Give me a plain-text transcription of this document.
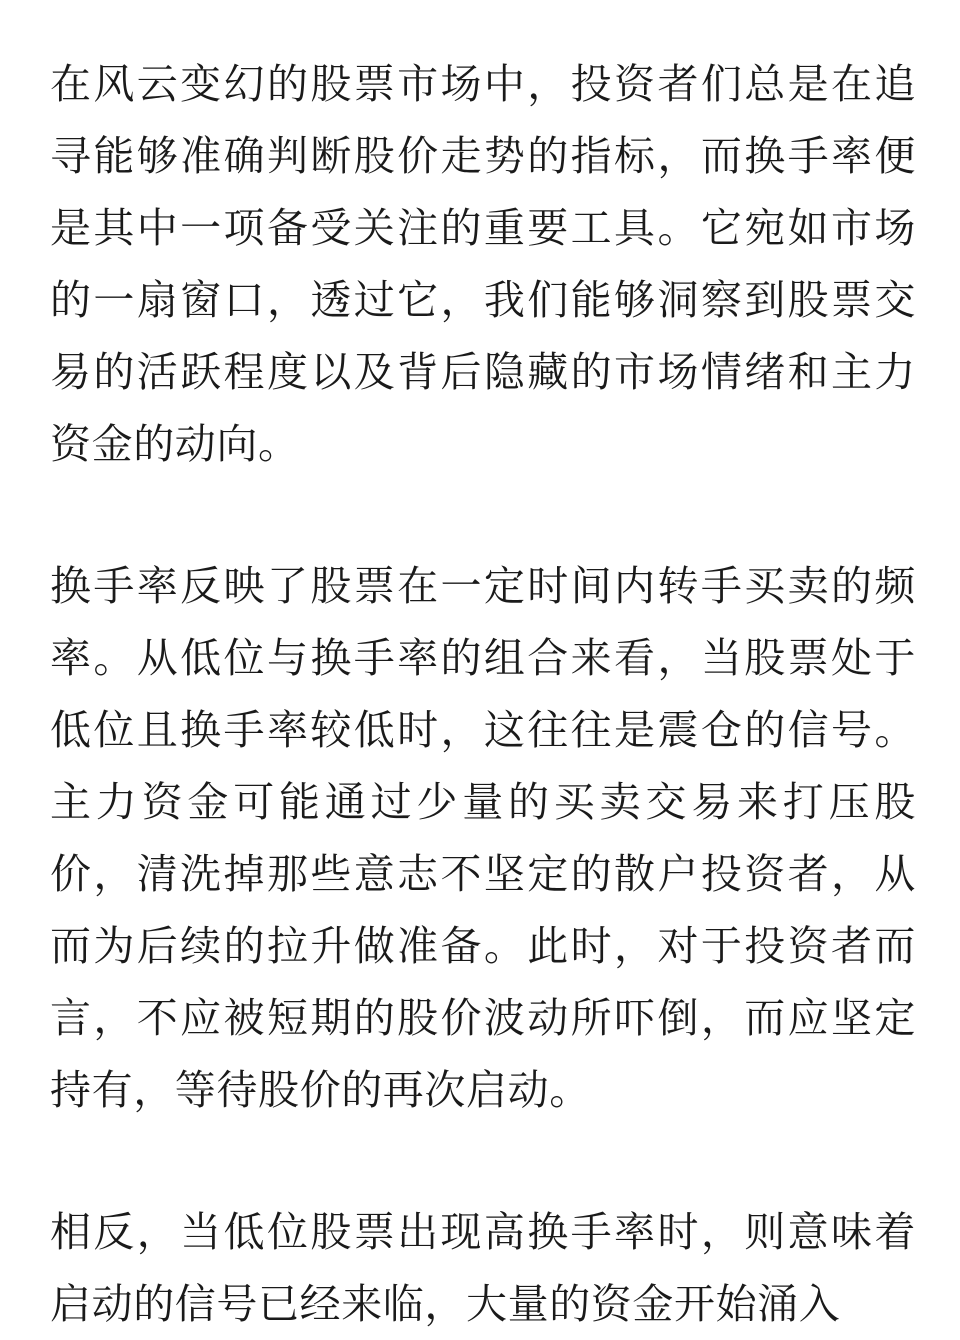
在风云变幻的股票市场中，投资者们总是在追寻能够准确判断股价走势的指标，而换手率便是其中一项备受关注的重要工具。它宛如市场的一扇窗口，透过它，我们能够洞察到股票交易的活跃程度以及背后隐藏的市场情绪和主力资金的动向。

换手率反映了股票在一定时间内转手买卖的频率。从低位与换手率的组合来看，当股票处于低位且换手率较低时，这往往是震仓的信号。主力资金可能通过少量的买卖交易来打压股价，清洗掉那些意志不坚定的散户投资者，从而为后续的拉升做准备。此时，对于投资者而言，不应被短期的股价波动所吓倒，而应坚定持有，等待股价的再次启动。

相反，当低位股票出现高换手率时，则意味着启动的信号已经来临，大量的资金开始涌入
